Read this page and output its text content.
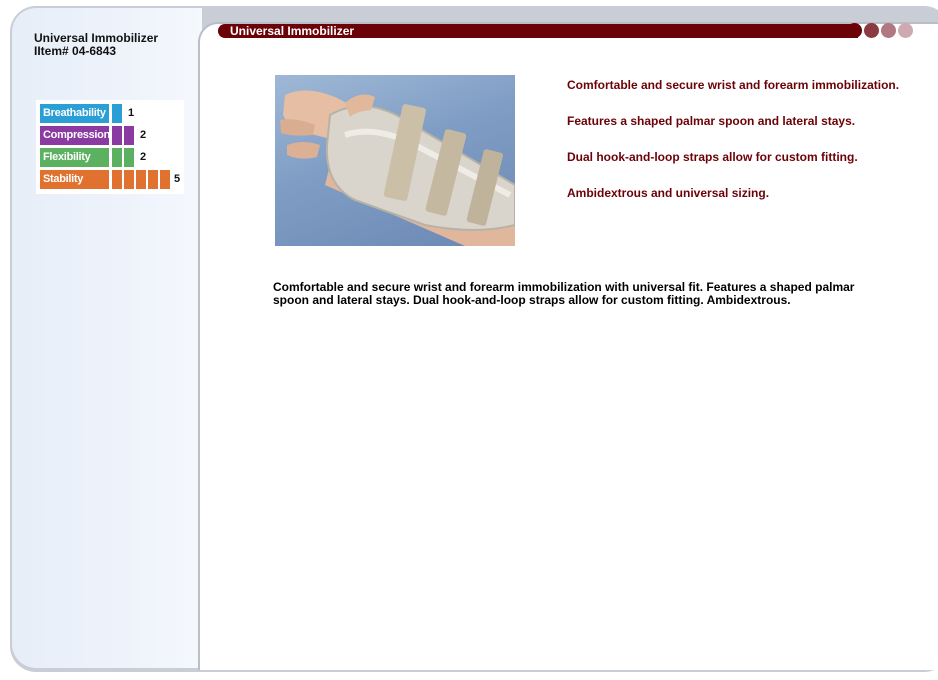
Universal Immobilizer
IItem# 04-6843
Breathability 1
Compression	2
Flexibility	2
Stability	5
Universal Immobilizer
Comfortable and secure wrist and forearm immobilization.
Features a shaped palmar spoon and lateral stays.
Dual hook-and-loop straps allow for custom fitting.
Ambidextrous and universal sizing.
Comfortable and secure wrist and forearm immobilization with universal fit. Features a shaped palmar spoon and lateral stays. Dual hook-and-loop straps allow for custom fitting. Ambidextrous.
